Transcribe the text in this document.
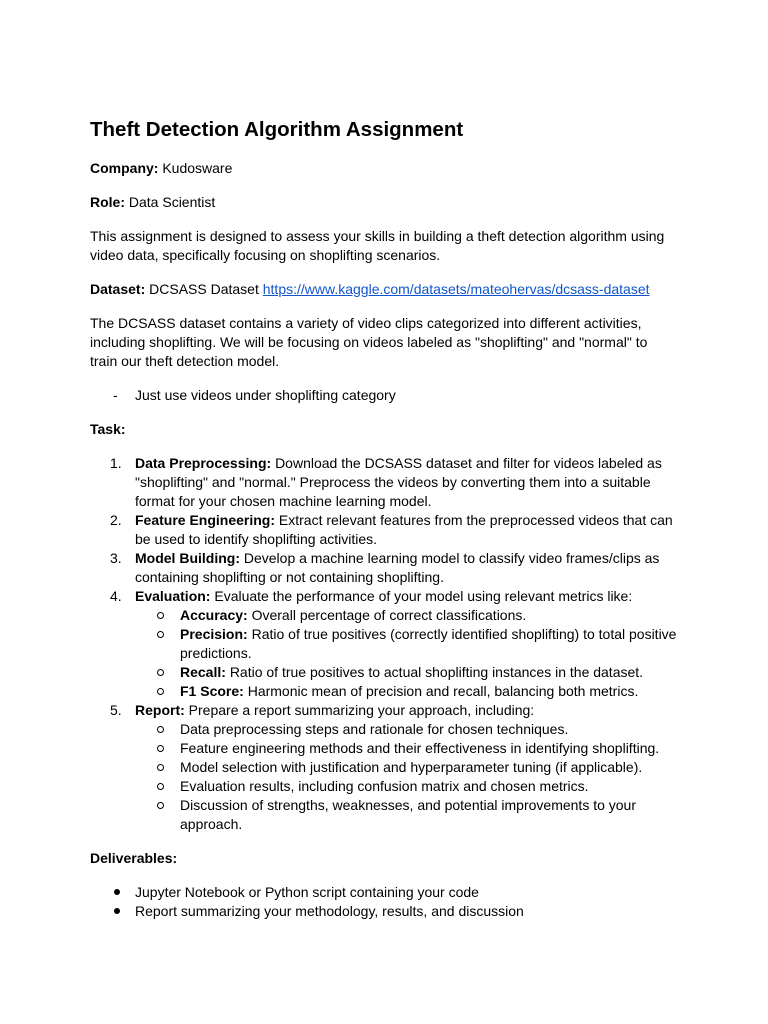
Theft Detection Algorithm Assignment

Company: Kudosware

Role: Data Scientist

This assignment is designed to assess your skills in building a theft detection algorithm using video data, specifically focusing on shoplifting scenarios.

Dataset: DCSASS Dataset https://www.kaggle.com/datasets/mateohervas/dcsass-dataset

The DCSASS dataset contains a variety of video clips categorized into different activities, including shoplifting. We will be focusing on videos labeled as "shoplifting" and "normal" to train our theft detection model.

- Just use videos under shoplifting category

Task:

1. Data Preprocessing: Download the DCSASS dataset and filter for videos labeled as "shoplifting" and "normal." Preprocess the videos by converting them into a suitable format for your chosen machine learning model.
2. Feature Engineering: Extract relevant features from the preprocessed videos that can be used to identify shoplifting activities.
3. Model Building: Develop a machine learning model to classify video frames/clips as containing shoplifting or not containing shoplifting.
4. Evaluation: Evaluate the performance of your model using relevant metrics like:
Accuracy: Overall percentage of correct classifications.
Precision: Ratio of true positives (correctly identified shoplifting) to total positive predictions.
Recall: Ratio of true positives to actual shoplifting instances in the dataset.
F1 Score: Harmonic mean of precision and recall, balancing both metrics.
5. Report: Prepare a report summarizing your approach, including:
Data preprocessing steps and rationale for chosen techniques.
Feature engineering methods and their effectiveness in identifying shoplifting.
Model selection with justification and hyperparameter tuning (if applicable).
Evaluation results, including confusion matrix and chosen metrics.
Discussion of strengths, weaknesses, and potential improvements to your approach.

Deliverables:

Jupyter Notebook or Python script containing your code
Report summarizing your methodology, results, and discussion
